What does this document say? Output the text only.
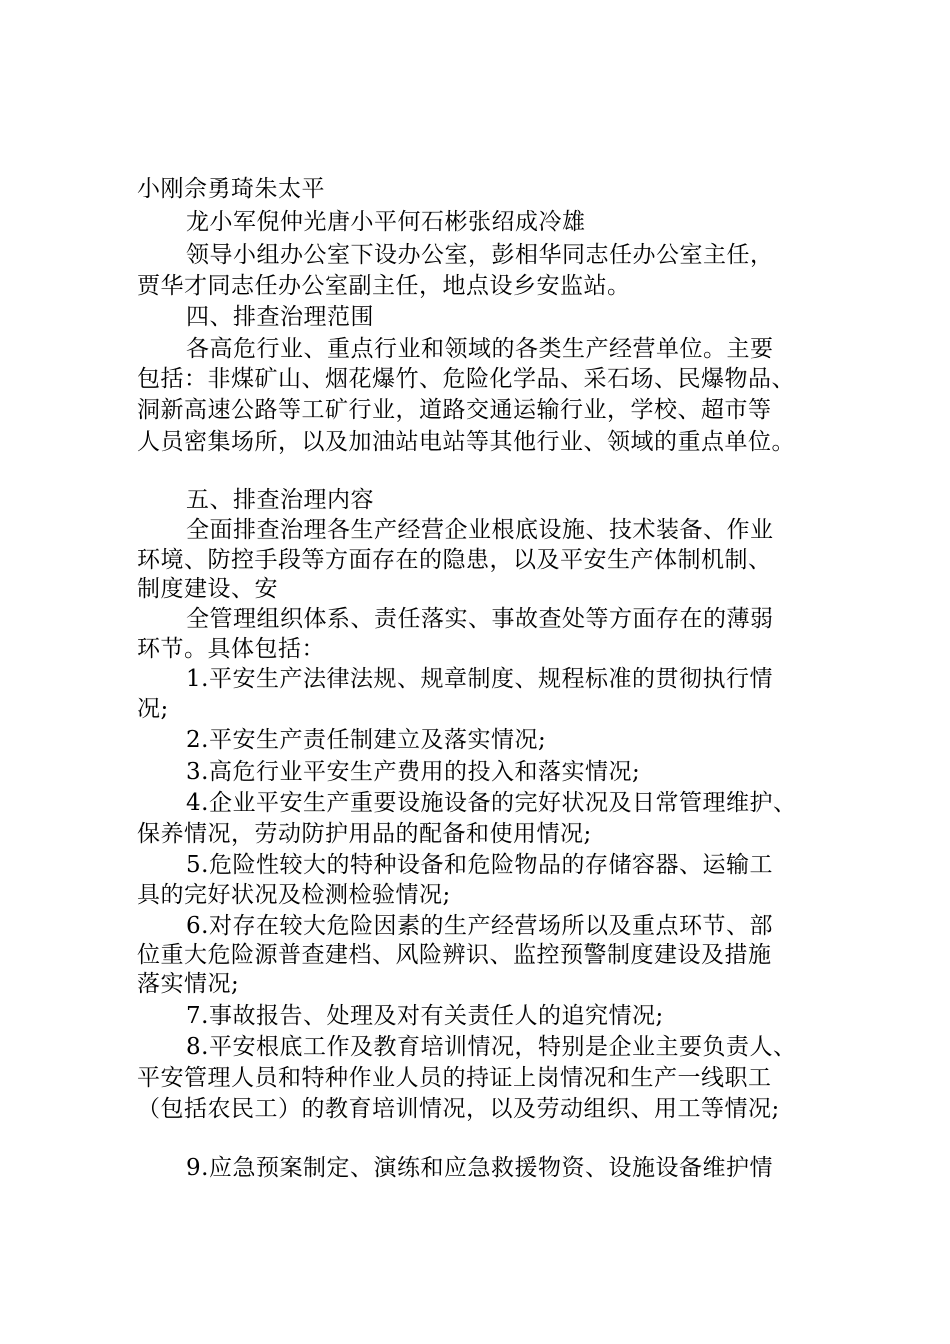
小刚佘勇琦朱太平
龙小军倪仲光唐小平何石彬张绍成冷雄
领导小组办公室下设办公室，彭相华同志任办公室主任，
贾华才同志任办公室副主任，地点设乡安监站。
四、排查治理范围
各高危行业、重点行业和领域的各类生产经营单位。主要
包括：非煤矿山、烟花爆竹、危险化学品、采石场、民爆物品、
洞新高速公路等工矿行业，道路交通运输行业，学校、超市等
人员密集场所，以及加油站电站等其他行业、领域的重点单位。
五、排查治理内容
全面排查治理各生产经营企业根底设施、技术装备、作业
环境、防控手段等方面存在的隐患，以及平安生产体制机制、
制度建设、安
全管理组织体系、责任落实、事故查处等方面存在的薄弱
环节。具体包括：
1.平安生产法律法规、规章制度、规程标准的贯彻执行情
况;
2.平安生产责任制建立及落实情况;
3.高危行业平安生产费用的投入和落实情况;
4.企业平安生产重要设施设备的完好状况及日常管理维护、
保养情况，劳动防护用品的配备和使用情况;
5.危险性较大的特种设备和危险物品的存储容器、运输工
具的完好状况及检测检验情况;
6.对存在较大危险因素的生产经营场所以及重点环节、部
位重大危险源普查建档、风险辨识、监控预警制度建设及措施
落实情况;
7.事故报告、处理及对有关责任人的追究情况;
8.平安根底工作及教育培训情况，特别是企业主要负责人、
平安管理人员和特种作业人员的持证上岗情况和生产一线职工
（包括农民工）的教育培训情况，以及劳动组织、用工等情况;
9.应急预案制定、演练和应急救援物资、设施设备维护情
